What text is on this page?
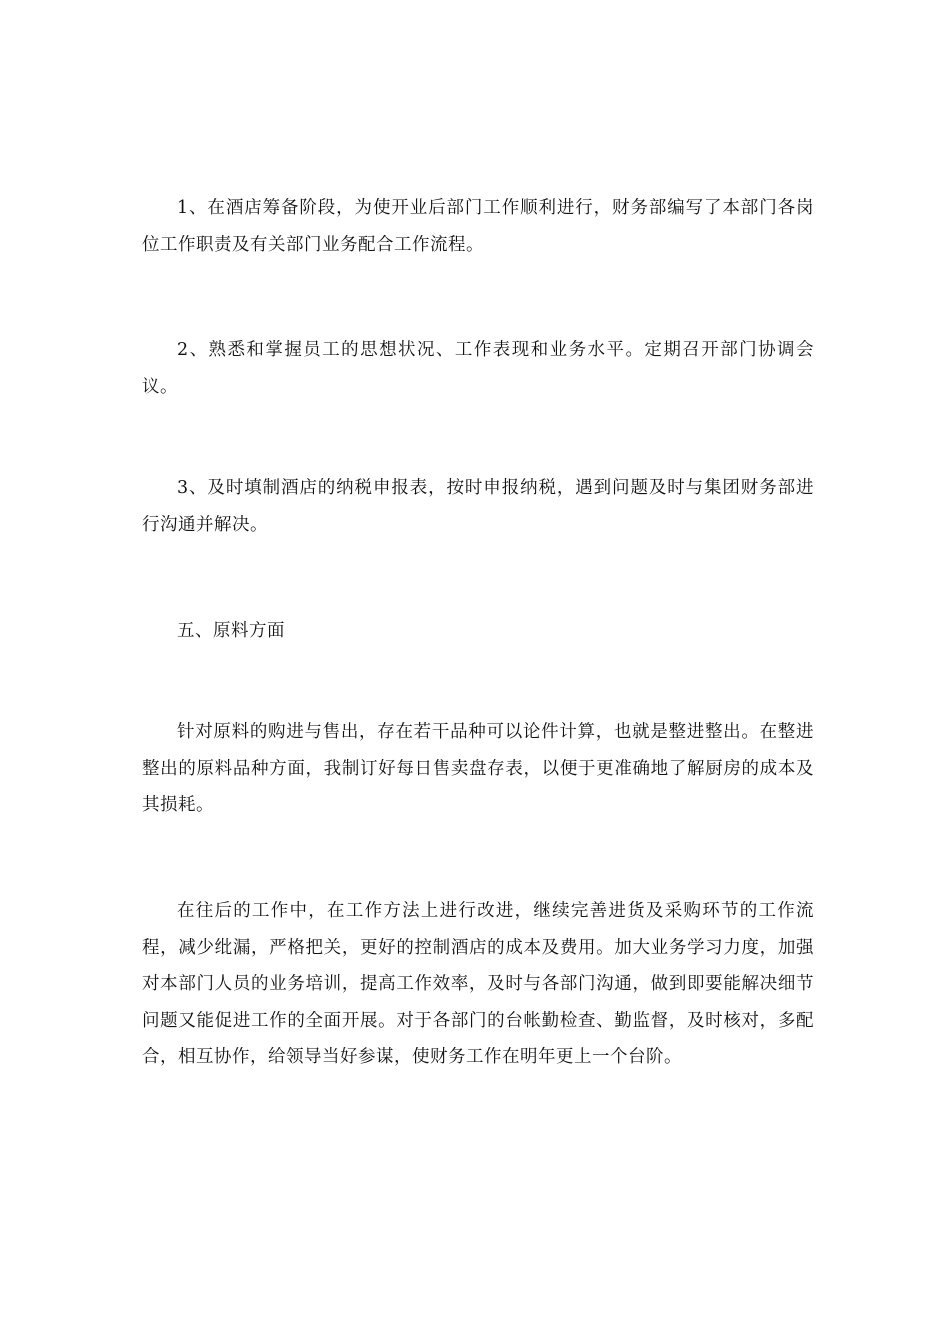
1、在酒店筹备阶段，为使开业后部门工作顺利进行，财务部编写了本部门各岗位工作职责及有关部门业务配合工作流程。

2、熟悉和掌握员工的思想状况、工作表现和业务水平。定期召开部门协调会议。

3、及时填制酒店的纳税申报表，按时申报纳税，遇到问题及时与集团财务部进行沟通并解决。

五、原料方面

针对原料的购进与售出，存在若干品种可以论件计算，也就是整进整出。在整进整出的原料品种方面，我制订好每日售卖盘存表，以便于更准确地了解厨房的成本及其损耗。

在往后的工作中，在工作方法上进行改进，继续完善进货及采购环节的工作流程，减少纰漏，严格把关，更好的控制酒店的成本及费用。加大业务学习力度，加强对本部门人员的业务培训，提高工作效率，及时与各部门沟通，做到即要能解决细节问题又能促进工作的全面开展。对于各部门的台帐勤检查、勤监督，及时核对，多配合，相互协作，给领导当好参谋，使财务工作在明年更上一个台阶。
